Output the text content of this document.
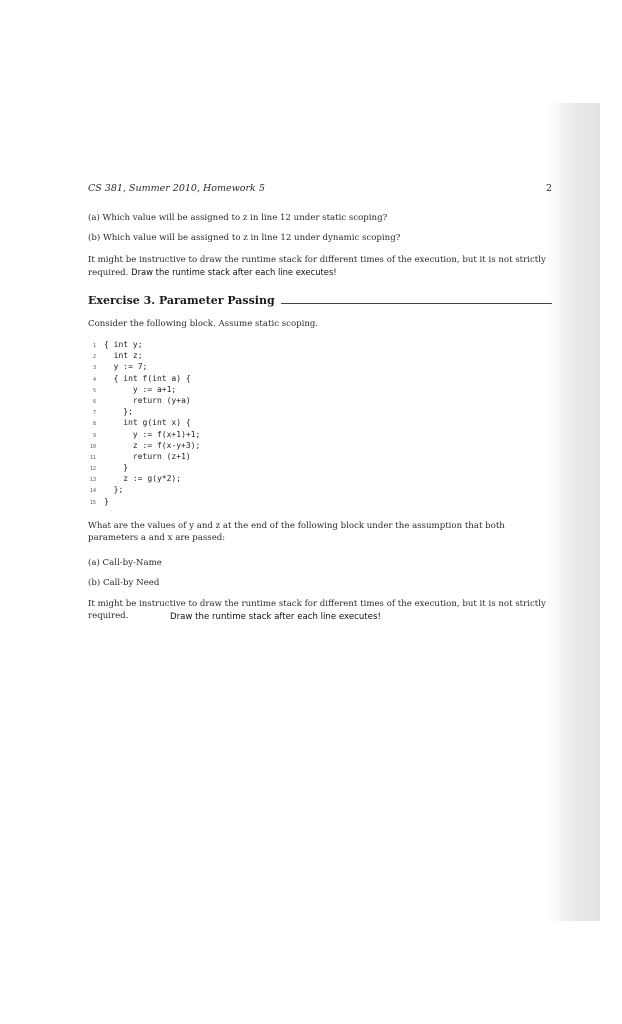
CS 381, Summer 2010, Homework 5	2

(a) Which value will be assigned to z in line 12 under static scoping?

(b) Which value will be assigned to z in line 12 under dynamic scoping?

It might be instructive to draw the runtime stack for different times of the execution, but it is not strictly required. Draw the runtime stack after each line executes!

Exercise 3. Parameter Passing

Consider the following block. Assume static scoping.

1 { int y;
2 int z;
3 y := 7;
4 { int f(int a) {
5 y := a+1;
6 return (y+a)
7 };
8 int g(int x) {
9 y := f(x+1)+1;
10 z := f(x-y+3);
11 return (z+1)
12 }
13 z := g(y*2);
14 };
15 }

What are the values of y and z at the end of the following block under the assumption that both parameters a and x are passed:

(a) Call-by-Name

(b) Call-by Need

It might be instructive to draw the runtime stack for different times of the execution, but it is not strictly required.	Draw the runtime stack after each line executes!
